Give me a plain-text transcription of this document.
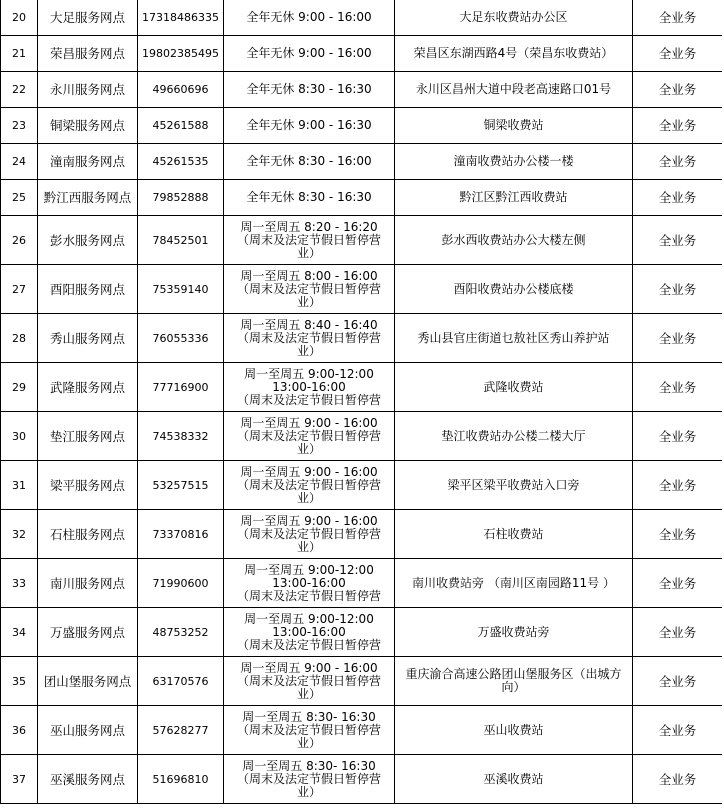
20	大足服务网点	17318486335	全年无休 9:00 - 16:00	大足东收费站办公区	全业务
21	荣昌服务网点	19802385495	全年无休 9:00 - 16:00	荣昌区东湖西路4号（荣昌东收费站）	全业务
22	永川服务网点	49660696	全年无休 8:30 - 16:30	永川区昌州大道中段老高速路口01号	全业务
23	铜梁服务网点	45261588	全年无休 9:00 - 16:30	铜梁收费站	全业务
24	潼南服务网点	45261535	全年无休 8:30 - 16:00	潼南收费站办公楼一楼	全业务
25	黔江西服务网点	79852888	全年无休 8:30 - 16:30	黔江区黔江西收费站	全业务
26	彭水服务网点	78452501	周一至周五 8:20 - 16:20
（周末及法定节假日暂停营
业）	彭水西收费站办公大楼左侧	全业务
27	酉阳服务网点	75359140	周一至周五 8:00 - 16:00
（周末及法定节假日暂停营
业）	酉阳收费站办公楼底楼	全业务
28	秀山服务网点	76055336	周一至周五 8:40 - 16:40
（周末及法定节假日暂停营
业）	秀山县官庄街道乜敖社区秀山养护站	全业务
29	武隆服务网点	77716900	周一至周五 9:00-12:00
13:00-16:00
（周末及法定节假日暂停营	武隆收费站	全业务
30	垫江服务网点	74538332	周一至周五 9:00 - 16:00
（周末及法定节假日暂停营
业）	垫江收费站办公楼二楼大厅	全业务
31	梁平服务网点	53257515	周一至周五 9:00 - 16:00
（周末及法定节假日暂停营
业）	梁平区梁平收费站入口旁	全业务
32	石柱服务网点	73370816	周一至周五 9:00 - 16:00
（周末及法定节假日暂停营
业）	石柱收费站	全业务
33	南川服务网点	71990600	周一至周五 9:00-12:00
13:00-16:00
（周末及法定节假日暂停营	南川收费站旁 （南川区南园路11号 ）	全业务
34	万盛服务网点	48753252	周一至周五 9:00-12:00
13:00-16:00
（周末及法定节假日暂停营	万盛收费站旁	全业务
35	团山堡服务网点	63170576	周一至周五 9:00 - 16:00
（周末及法定节假日暂停营
业）	重庆渝合高速公路团山堡服务区（出城方向）	全业务
36	巫山服务网点	57628277	周一至周五 8:30- 16:30
（周末及法定节假日暂停营
业）	巫山收费站	全业务
37	巫溪服务网点	51696810	周一至周五 8:30- 16:30
（周末及法定节假日暂停营
业）	巫溪收费站	全业务
